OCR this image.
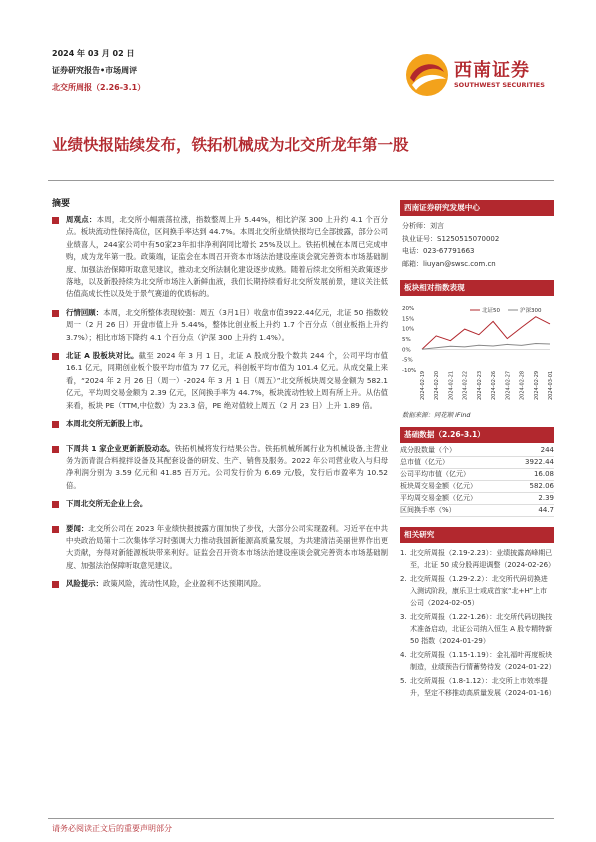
2024 年 03 月 02 日
证券研究报告•市场周评
北交所周报（2.26-3.1）
西南证券
SOUTHWEST SECURITIES
业绩快报陆续发布，铁拓机械成为北交所龙年第一股
摘要
周观点：本周，北交所小幅震荡拉涨，指数整周上升 5.44%，相比沪深 300 上升约 4.1 个百分点。板块流动性保持高位，区间换手率达到 44.7%。本周北交所业绩快报均已全部披露，部分公司业绩喜人，244家公司中有50家23年扣非净利润同比增长 25%及以上。铁拓机械在本周已完成申购，成为龙年第一股。政策端，证监会在本周召开资本市场法治建设座谈会就完善资本市场基础制度、加强法治保障听取意见建议，推动北交所法制化建设逐步成熟。随着后续北交所相关政策逐步落地，以及新股持续为北交所市场注入新鲜血液，我们长期持续看好北交所发展前景，建议关注低估值高成长性以及处于景气赛道的优质标的。
行情回顾：本周，北交所整体表现较强：周五（3月1日）收盘市值3922.44亿元，北证 50 指数较周一（2 月 26 日）开盘市值上升 5.44%，整体比创业板上升约 1.7 个百分点（创业板指上升约 3.7%）；相比市场下降约 4.1 个百分点（沪深 300 上升约 1.4%）。
北证 A 股板块对比。截至 2024 年 3 月 1 日，北证 A 股成分股个数共 244 个，公司平均市值 16.1 亿元，同期创业板个股平均市值为 77 亿元，科创板平均市值为 101.4 亿元。从成交量上来看，“2024 年 2 月 26 日（周一）-2024 年 3 月 1 日（周五）”北交所板块周交易金额为 582.1 亿元，平均周交易金额为 2.39 亿元，区间换手率为 44.7%，板块流动性较上周有所上升。从估值来看，板块 PE（TTM,中位数）为 23.3 倍，PE 绝对值较上周五（2 月 23 日）上升 1.89 倍。
本周北交所无新股上市。
下周共 1 家企业更新新股动态。铁拓机械将发行结果公告。铁拓机械所属行业为机械设备,主营业务为沥青混合料搅拌设备及其配套设备的研发、生产、销售及服务。2022 年公司营业收入与归母净利润分别为 3.59 亿元和 41.85 百万元。公司发行价为 6.69 元/股，发行后市盈率为 10.52 倍。
下周北交所无企业上会。
要闻：北交所公司在 2023 年业绩快报披露方面加快了步伐，大部分公司实现盈利。习近平在中共中央政治局第十二次集体学习时强调大力推动我国新能源高质量发展，为共建清洁美丽世界作出更大贡献，夯得对新能源板块带来利好。证监会召开资本市场法治建设座谈会就完善资本市场基础制度、加强法治保障听取意见建议。
风险提示：政策风险，流动性风险，企业盈利不达预期风险。
西南证券研究发展中心
分析师：刘言
执业证号：S1250515070002
电话：023-67791663
邮箱：liuyan@swsc.com.cn
板块相对指数表现
20%
15%
10%
5%
0%
-5%
-10%
北证50	沪深300
2024-02-19 2024-02-20 2024-02-21 2024-02-22 2024-02-23 2024-02-26 2024-02-27 2024-02-28 2024-02-29 2024-03-01
数据来源：同花顺 iFind
基础数据（2.26-3.1）
成分股数量（个）	244
总市值（亿元）	3922.44
公司平均市值（亿元）	16.08
板块周交易金额（亿元）	582.06
平均周交易金额（亿元）	2.39
区间换手率（%）	44.7
相关研究
1. 北交所周报（2.19-2.23）：业绩披露高峰期已至，北证 50 成分股再迎调整（2024-02-26）
2. 北交所周报（1.29-2.2）：北交所代码切换进入测试阶段，康乐卫士或成首家“北+H”上市公司（2024-02-05）
3. 北交所周报（1.22-1.26）：北交所代码切换技术准备启动，北证公司纳入恒生 A 股专精特新 50 指数（2024-01-29）
4. 北交所周报（1.15-1.19）：金礼福叶再度板块制造，业绩预告行情蓄势待发（2024-01-22）
5. 北交所周报（1.8-1.12）：北交所上市效率提升，坚定不移推动高质量发展（2024-01-16）
请务必阅读正文后的重要声明部分
